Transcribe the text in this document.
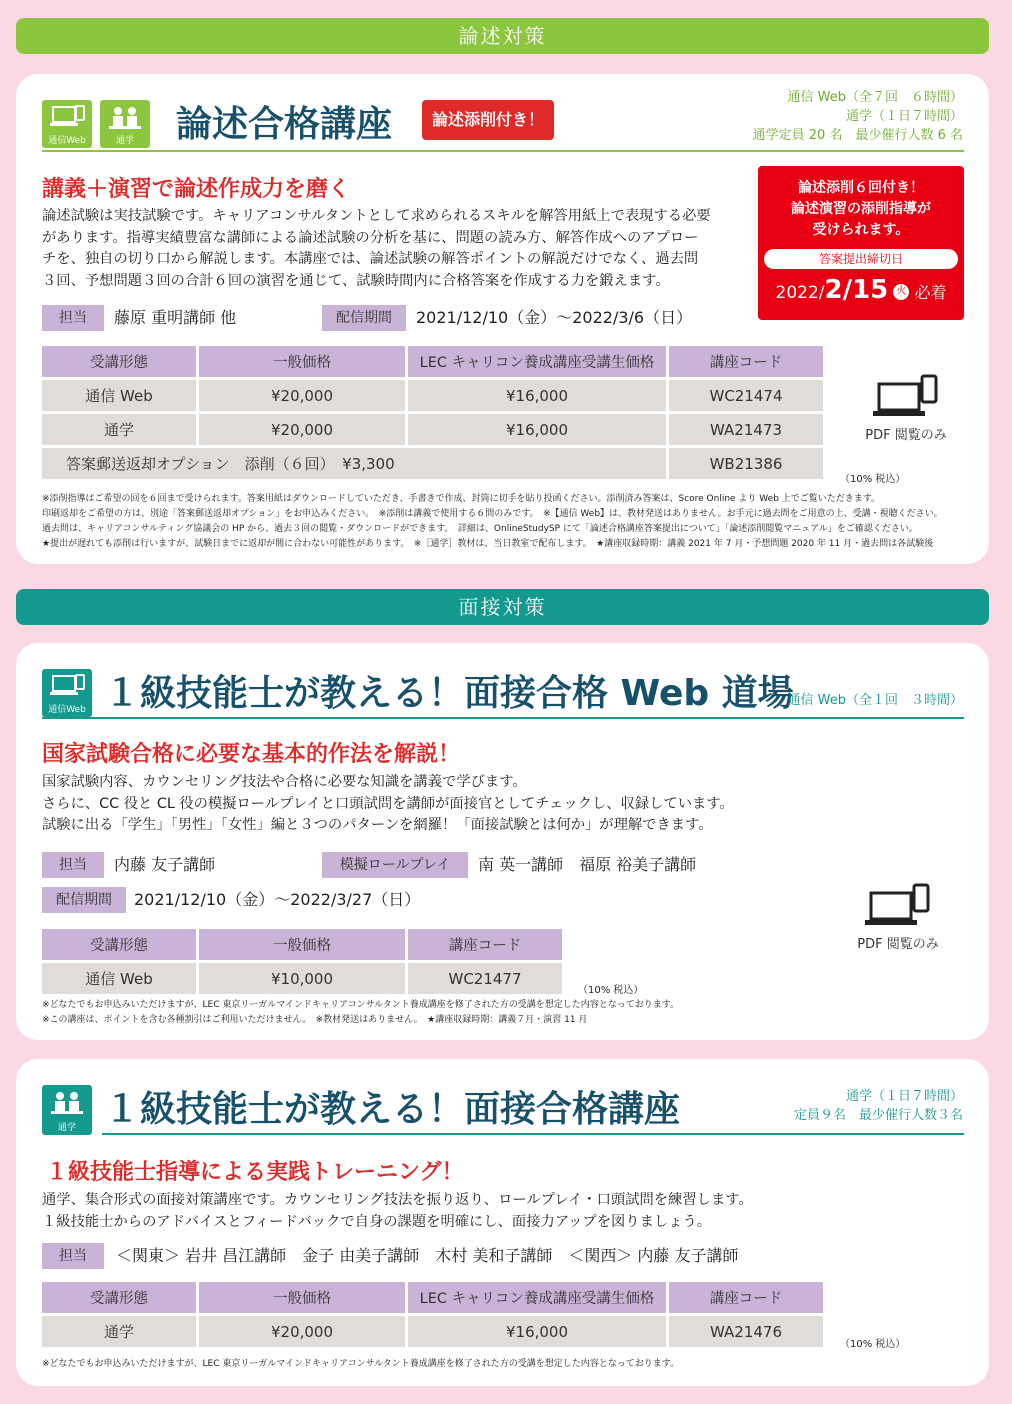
論述対策
通信Web	通学	論述合格講座	論述添削付き！
通信 Web（全７回　６時間）
通学（１日７時間）
通学定員 20 名　最少催行人数 6 名
講義＋演習で論述作成力を磨く
論述試験は実技試験です。キャリアコンサルタントとして求められるスキルを解答用紙上で表現する必要
があります。指導実績豊富な講師による論述試験の分析を基に、問題の読み方、解答作成へのアプロー
チを、独自の切り口から解説します。本講座では、論述試験の解答ポイントの解説だけでなく、過去問
３回、予想問題３回の合計６回の演習を通じて、試験時間内に合格答案を作成する力を鍛えます。
論述添削６回付き！
論述演習の添削指導が
受けられます。
答案提出締切日
2022/2/15 火 必着
担当	藤原 重明講師 他	配信期間	2021/12/10（金）～2022/3/6（日）
受講形態	一般価格	LEC キャリコン養成講座受講生価格	講座コード
通信 Web	¥20,000	¥16,000	WC21474
通学	¥20,000	¥16,000	WA21473
答案郵送返却オプション　添削（６回）　¥3,300			WB21386
PDF 閲覧のみ
（10% 税込）
※添削指導はご希望の回を６回まで受けられます。答案用紙はダウンロードしていただき、手書きで作成、封筒に切手を貼り投函ください。添削済み答案は、Score Online より Web 上でご覧いただきます。
印刷返却をご希望の方は、別途「答案郵送返却オプション」をお申込みください。　※添削は講義で使用する６問のみです。　※【通信 Web】は、教材発送はありません。お手元に過去問をご用意の上、受講・視聴ください。
過去問は、キャリアコンサルティング協議会の HP から、過去３回の閲覧・ダウンロードができます。　詳細は、OnlineStudySP にて「論述合格講座答案提出について」「論述添削閲覧マニュアル」をご確認ください。
★提出が遅れても添削は行いますが、試験日までに返却が間に合わない可能性があります。　※［通学］教材は、当日教室で配布します。　★講座収録時期：講義 2021 年 7 月・予想問題 2020 年 11 月・過去問は各試験後
面接対策
通信Web １級技能士が教える！面接合格 Web 道場
通信 Web（全１回　３時間）
国家試験合格に必要な基本的作法を解説！
国家試験内容、カウンセリング技法や合格に必要な知識を講義で学びます。
さらに、CC 役と CL 役の模擬ロールプレイと口頭試問を講師が面接官としてチェックし、収録しています。
試験に出る「学生」「男性」「女性」編と３つのパターンを網羅！「面接試験とは何か」が理解できます。
担当	内藤 友子講師	模擬ロールプレイ	南 英一講師　福原 裕美子講師
配信期間	2021/12/10（金）～2022/3/27（日）
受講形態	一般価格	講座コード
通信 Web	¥10,000	WC21477
（10% 税込）
PDF 閲覧のみ
※どなたでもお申込みいただけますが、LEC 東京リーガルマインドキャリアコンサルタント養成講座を修了された方の受講を想定した内容となっております。
※この講座は、ポイントを含む各種割引はご利用いただけません。　※教材発送はありません。　★講座収録時期：講義７月・演習 11 月
通学 １級技能士が教える！面接合格講座	通学（１日７時間）
定員９名　最少催行人数３名
１級技能士指導による実践トレーニング！
通学、集合形式の面接対策講座です。カウンセリング技法を振り返り、ロールプレイ・口頭試問を練習します。
１級技能士からのアドバイスとフィードバックで自身の課題を明確にし、面接力アップを図りましょう。
担当	＜関東＞ 岩井 昌江講師　金子 由美子講師　木村 美和子講師　＜関西＞ 内藤 友子講師
受講形態	一般価格	LEC キャリコン養成講座受講生価格	講座コード
通学	¥20,000	¥16,000	WA21476
（10% 税込）
※どなたでもお申込みいただけますが、LEC 東京リーガルマインドキャリアコンサルタント養成講座を修了された方の受講を想定した内容となっております。
